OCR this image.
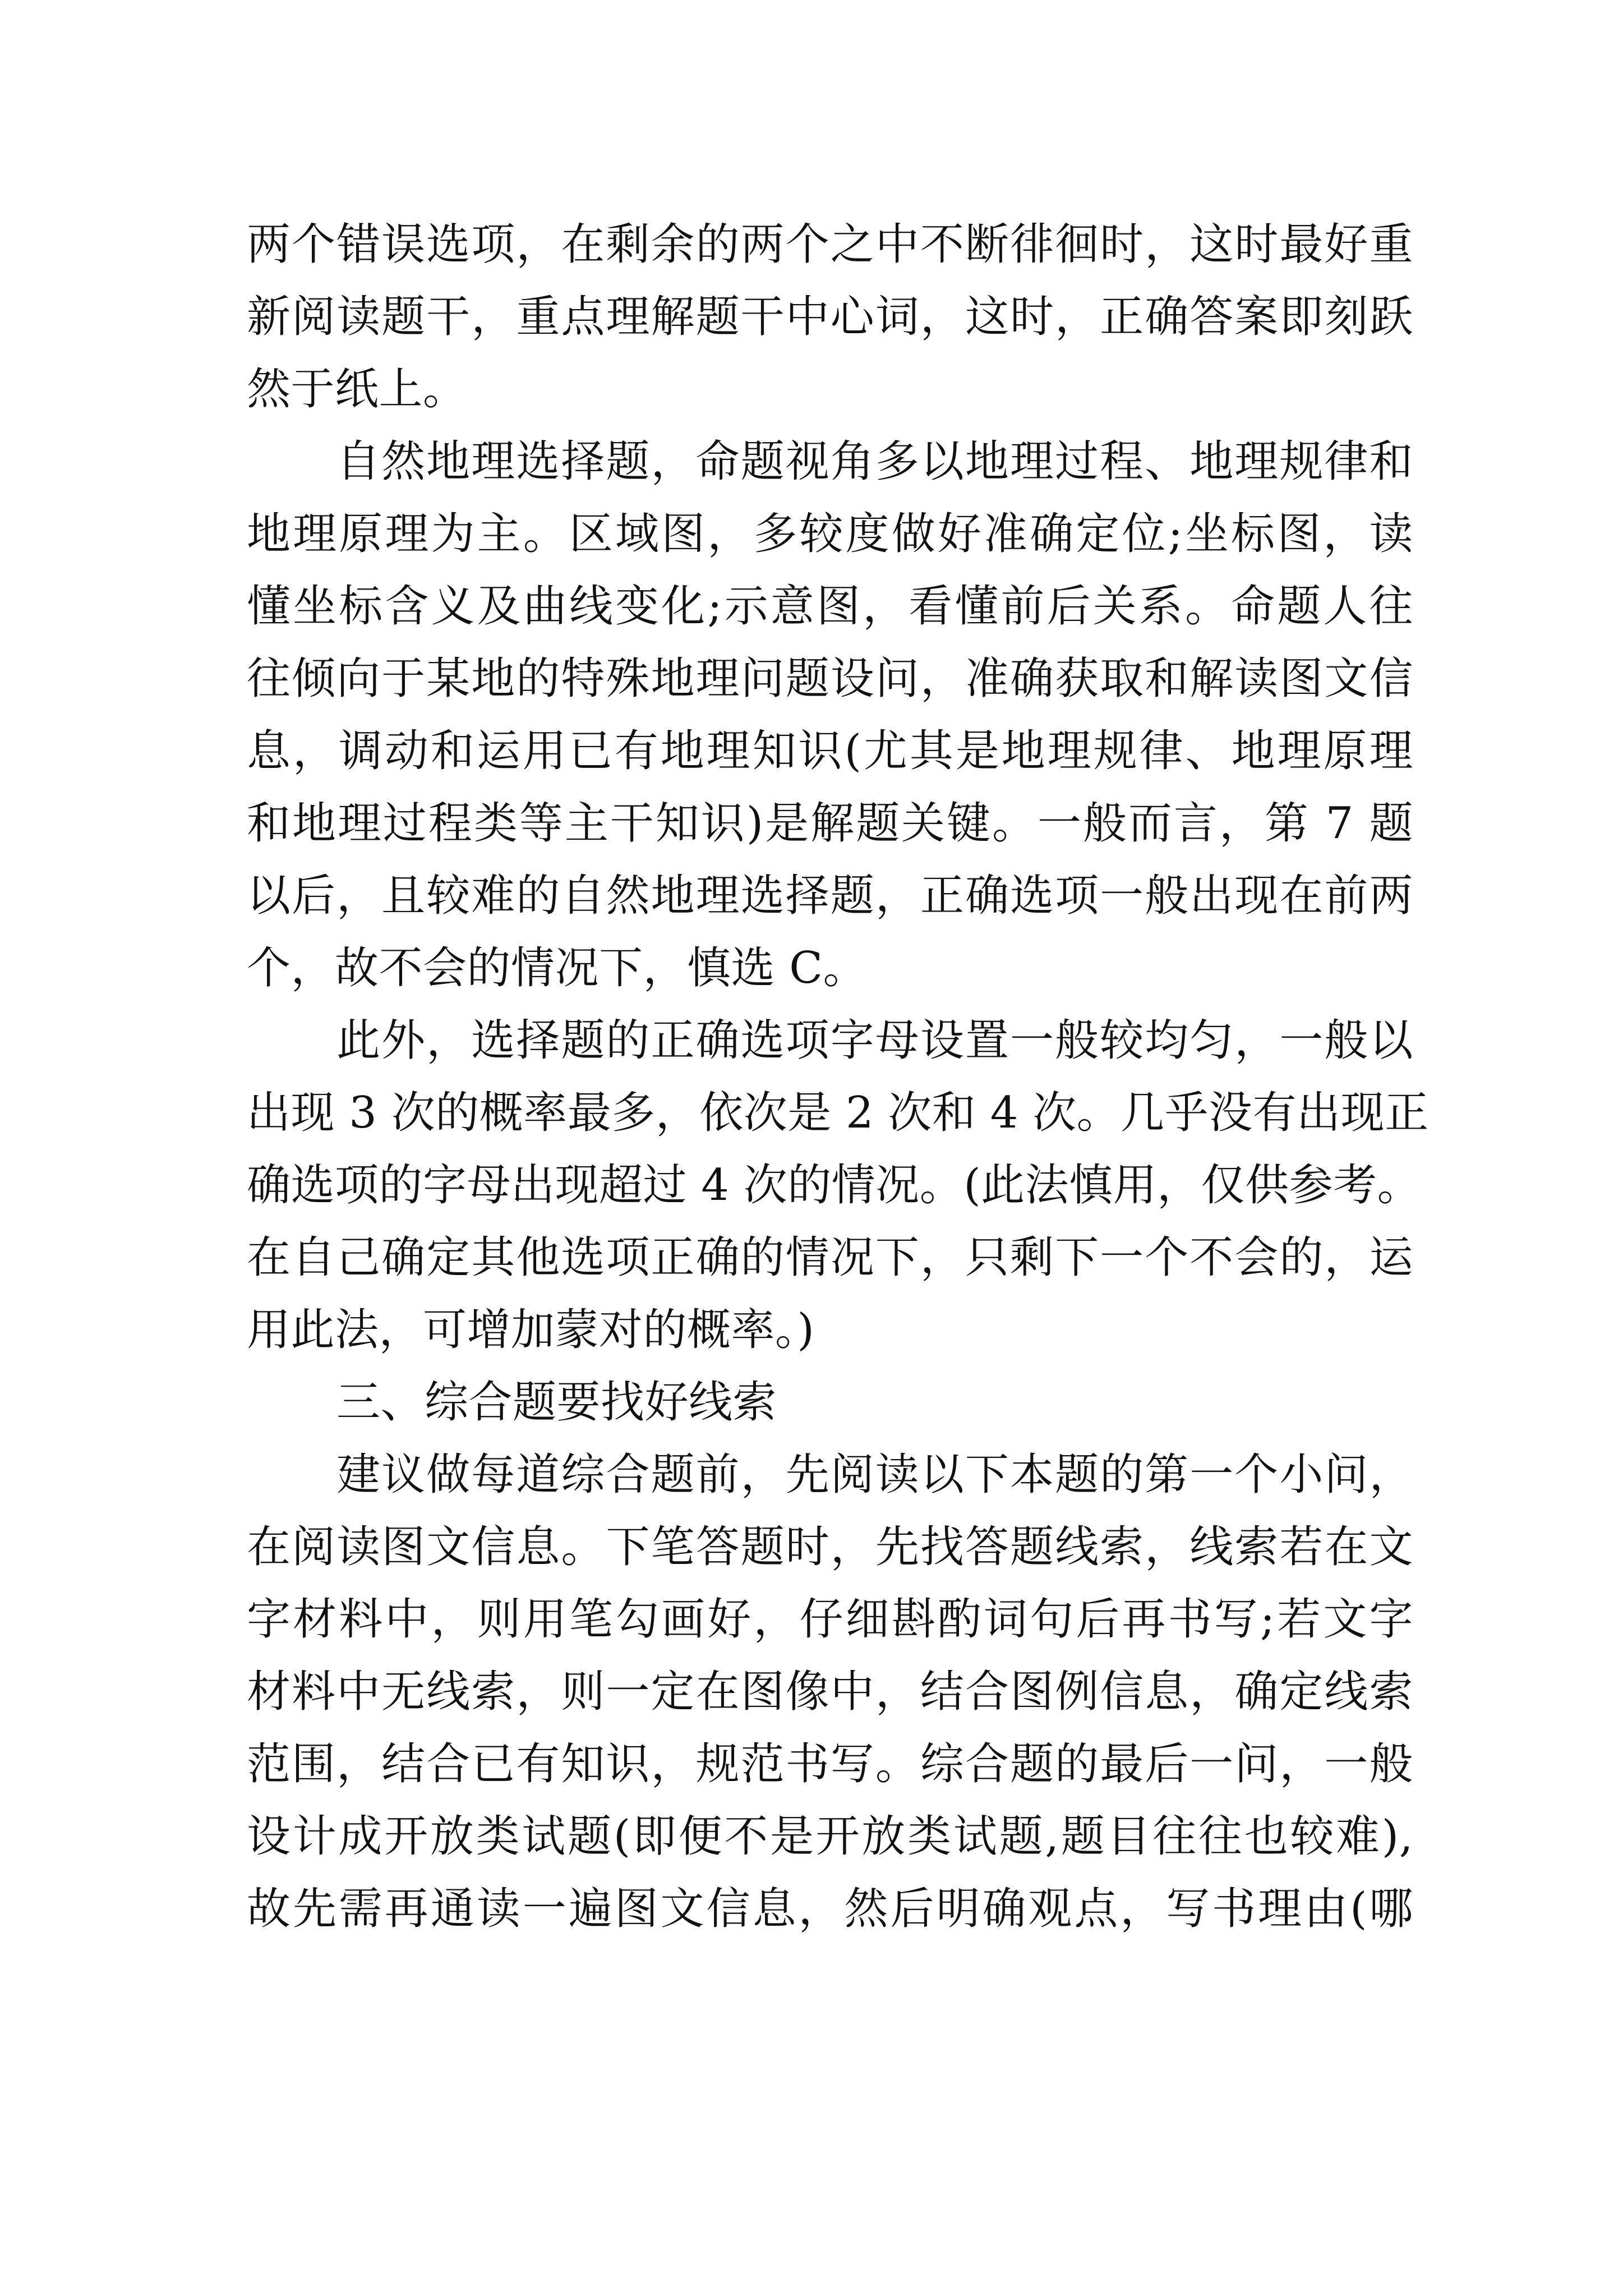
两个错误选项，在剩余的两个之中不断徘徊时，这时最好重

新阅读题干，重点理解题干中心词，这时，正确答案即刻跃

然于纸上。

自然地理选择题，命题视角多以地理过程、地理规律和

地理原理为主。区域图，多较度做好准确定位;坐标图，读

懂坐标含义及曲线变化;示意图，看懂前后关系。命题人往

往倾向于某地的特殊地理问题设问，准确获取和解读图文信

息，调动和运用已有地理知识(尤其是地理规律、地理原理

和地理过程类等主干知识)是解题关键。一般而言，第 7 题

以后，且较难的自然地理选择题，正确选项一般出现在前两

个，故不会的情况下，慎选 C。

此外，选择题的正确选项字母设置一般较均匀，一般以

出现 3 次的概率最多，依次是 2 次和 4 次。几乎没有出现正

确选项的字母出现超过 4 次的情况。(此法慎用，仅供参考。

在自己确定其他选项正确的情况下，只剩下一个不会的，运

用此法，可增加蒙对的概率。)

三、综合题要找好线索

建议做每道综合题前，先阅读以下本题的第一个小问，

在阅读图文信息。下笔答题时，先找答题线索，线索若在文

字材料中，则用笔勾画好，仔细斟酌词句后再书写;若文字

材料中无线索，则一定在图像中，结合图例信息，确定线索

范围，结合已有知识，规范书写。综合题的最后一问，一般

设计成开放类试题(即便不是开放类试题,题目往往也较难),

故先需再通读一遍图文信息，然后明确观点，写书理由(哪
